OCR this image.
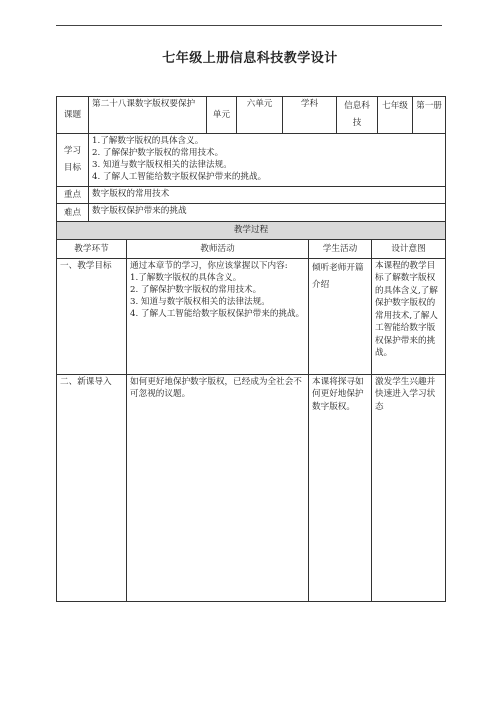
七年级上册信息科技教学设计
课题	第二十八课数字版权要保护	单元	六单元	学科	信息科技	七年级	第一册
学习目标	1.了解数字版权的具体含义。
2. 了解保护数字版权的常用技术。
3. 知道与数字版权相关的法律法规。
4. 了解人工智能给数字版权保护带来的挑战。						

重点	数字版权的常用技术						
难点	数字版权保护带来的挑战						
教学过程			
教学环节	教师活动	学生活动	设计意图
一、教学目标	通过本章节的学习，你应该掌握以下内容:
1.了解数字版权的具体含义。
2. 了解保护数字版权的常用技术。
3. 知道与数字版权相关的法律法规。
4. 了解人工智能给数字版权保护带来的挑战。	倾听老师开篇介绍	本课程的教学目标了解数字版权的具体含义,了解保护数字版权的常用技术,了解人工智能给数字版权保护带来的挑战。
二、新课导入	如何更好地保护数字版权，已经成为全社会不可忽视的议题。	本课将探寻如何更好地保护数字版权。	激发学生兴趣并快速进入学习状态
